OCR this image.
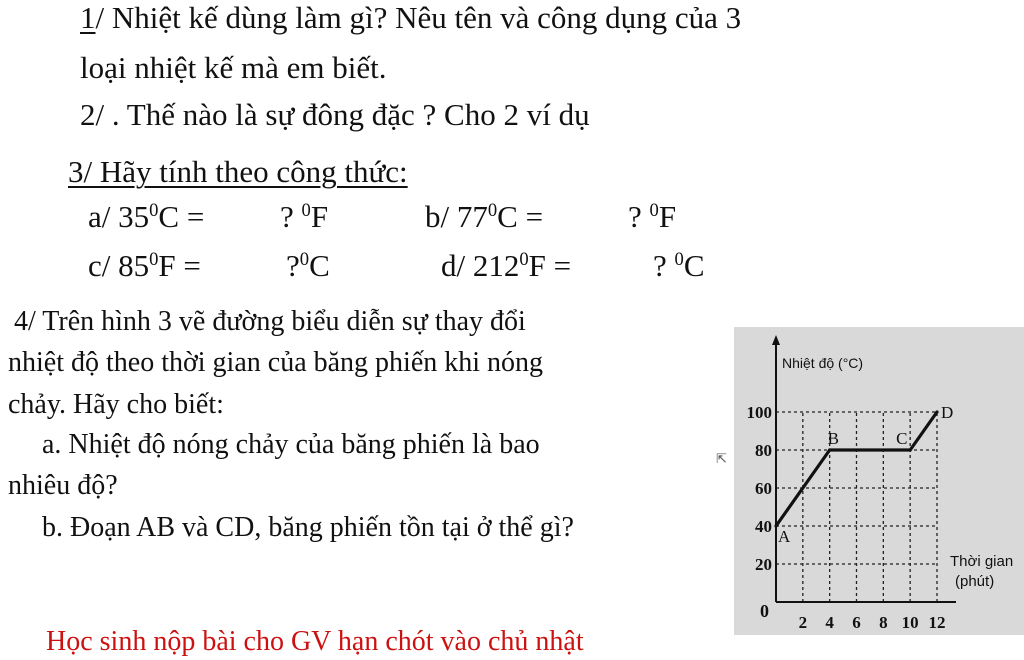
1/ Nhiệt kế dùng làm gì? Nêu tên và công dụng của 3
loại nhiệt kế mà em biết.
2/ . Thế nào là sự đông đặc ? Cho 2 ví dụ
3/ Hãy tính theo công thức:
a/ $35^0C$ = ? $^0$F	b/ $77^0C$ =	? $^0$F
c/ $85^0F$ =	?$^0$C	d/ $212^0F$ =	? $^0$C
4/ Trên hình 3 vẽ đường biểu diễn sự thay đổi
nhiệt độ theo thời gian của băng phiến khi nóng
chảy. Hãy cho biết:
a. Nhiệt độ nóng chảy của băng phiến là bao
nhiêu độ?
b. Đoạn AB và CD, băng phiến tồn tại ở thể gì?
Học sinh nộp bài cho GV hạn chót vào chủ nhật
⇱
Nhiệt độ (°C)
Thời gian
(phút)
0
20
40
60
80
100
2 4 6 8 10 12
A
B	C
D
